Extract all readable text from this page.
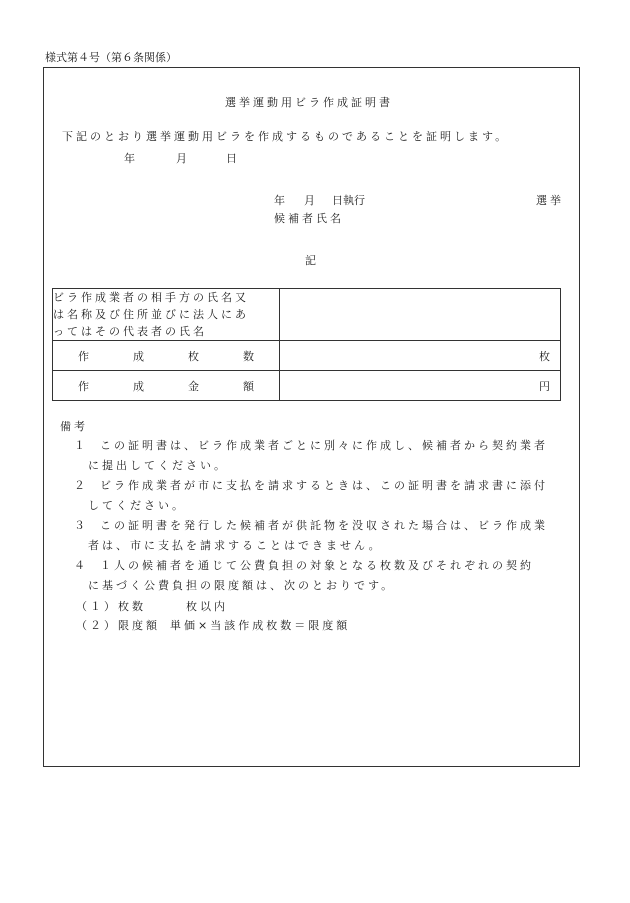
様式第４号（第６条関係）
選挙運動用ビラ作成証明書
下記のとおり選挙運動用ビラを作成するものであることを証明します。
年	月	日
年 月 日執行	選挙
候補者氏名
記
ビラ作成業者の相手方の氏名又
は名称及び住所並びに法人にあ
ってはその代表者の氏名	

作 成 枚 数	枚
作 成 金 額	円
備考
１ この証明書は、ビラ作成業者ごとに別々に作成し、候補者から契約業者
に提出してください。
２ ビラ作成業者が市に支払を請求するときは、この証明書を請求書に添付
してください。
３ この証明書を発行した候補者が供託物を没収された場合は、ビラ作成業
者は、市に支払を請求することはできません。
４ １人の候補者を通じて公費負担の対象となる枚数及びそれぞれの契約
に基づく公費負担の限度額は、次のとおりです。
（１）枚数	枚以内
（２）限度額 単価×当該作成枚数＝限度額
